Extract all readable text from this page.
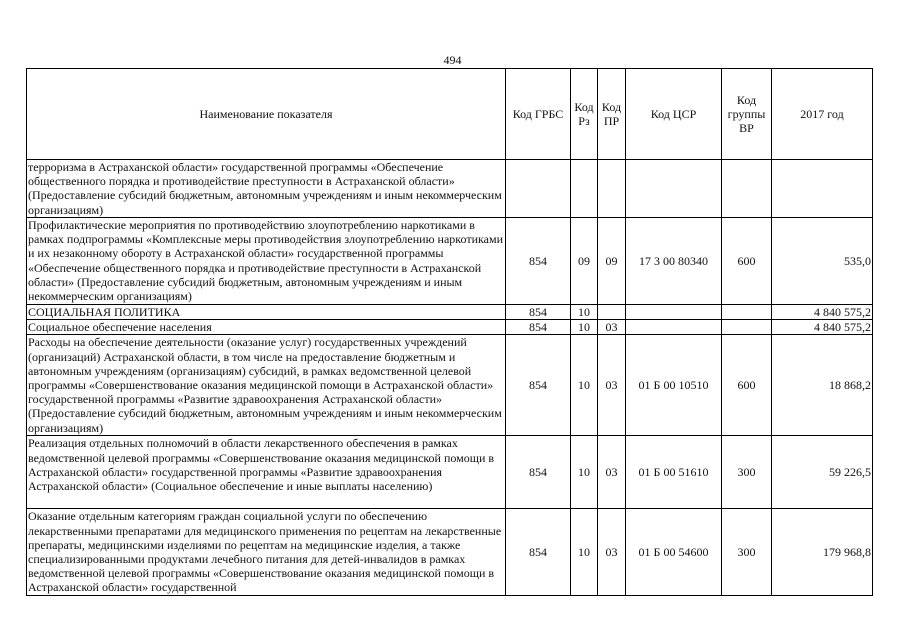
494
Наименование показателя	Код ГРБС	Код Рз	Код ПР	Код ЦСР	Код группы ВР	2017 год
терроризма в Астраханской области» государственной программы «Обеспечение общественного порядка и противодействие преступности в Астраханской области» (Предоставление субсидий бюджетным, автономным учреждениям и иным некоммерческим организациям)						
Профилактические мероприятия по противодействию злоупотреблению наркотиками в рамках подпрограммы «Комплексные меры противодействия злоупотреблению наркотиками и их незаконному обороту в Астраханской области» государственной программы «Обеспечение общественного порядка и противодействие преступности в Астраханской области» (Предоставление субсидий бюджетным, автономным учреждениям и иным некоммерческим организациям)	854	09	09	17 3 00 80340	600	535,0
СОЦИАЛЬНАЯ ПОЛИТИКА	854	10				4 840 575,2
Социальное обеспечение населения	854	10	03			4 840 575,2
Расходы на обеспечение деятельности (оказание услуг) государственных учреждений (организаций) Астраханской области, в том числе на предоставление бюджетным и автономным учреждениям (организациям) субсидий, в рамках ведомственной целевой программы «Совершенствование оказания медицинской помощи в Астраханской области» государственной программы «Развитие здравоохранения Астраханской области» (Предоставление субсидий бюджетным, автономным учреждениям и иным некоммерческим организациям)	854	10	03	01 Б 00 10510	600	18 868,2
Реализация отдельных полномочий в области лекарственного обеспечения в рамках ведомственной целевой программы «Совершенствование оказания медицинской помощи в Астраханской области» государственной программы «Развитие здравоохранения Астраханской области» (Социальное обеспечение и иные выплаты населению)	854	10	03	01 Б 00 51610	300	59 226,5
Оказание отдельным категориям граждан социальной услуги по обеспечению лекарственными препаратами для медицинского применения по рецептам на лекарственные препараты, медицинскими изделиями по рецептам на медицинские изделия, а также специализированными продуктами лечебного питания для детей-инвалидов в рамках ведомственной целевой программы «Совершенствование оказания медицинской помощи в Астраханской области» государственной	854	10	03	01 Б 00 54600	300	179 968,8
